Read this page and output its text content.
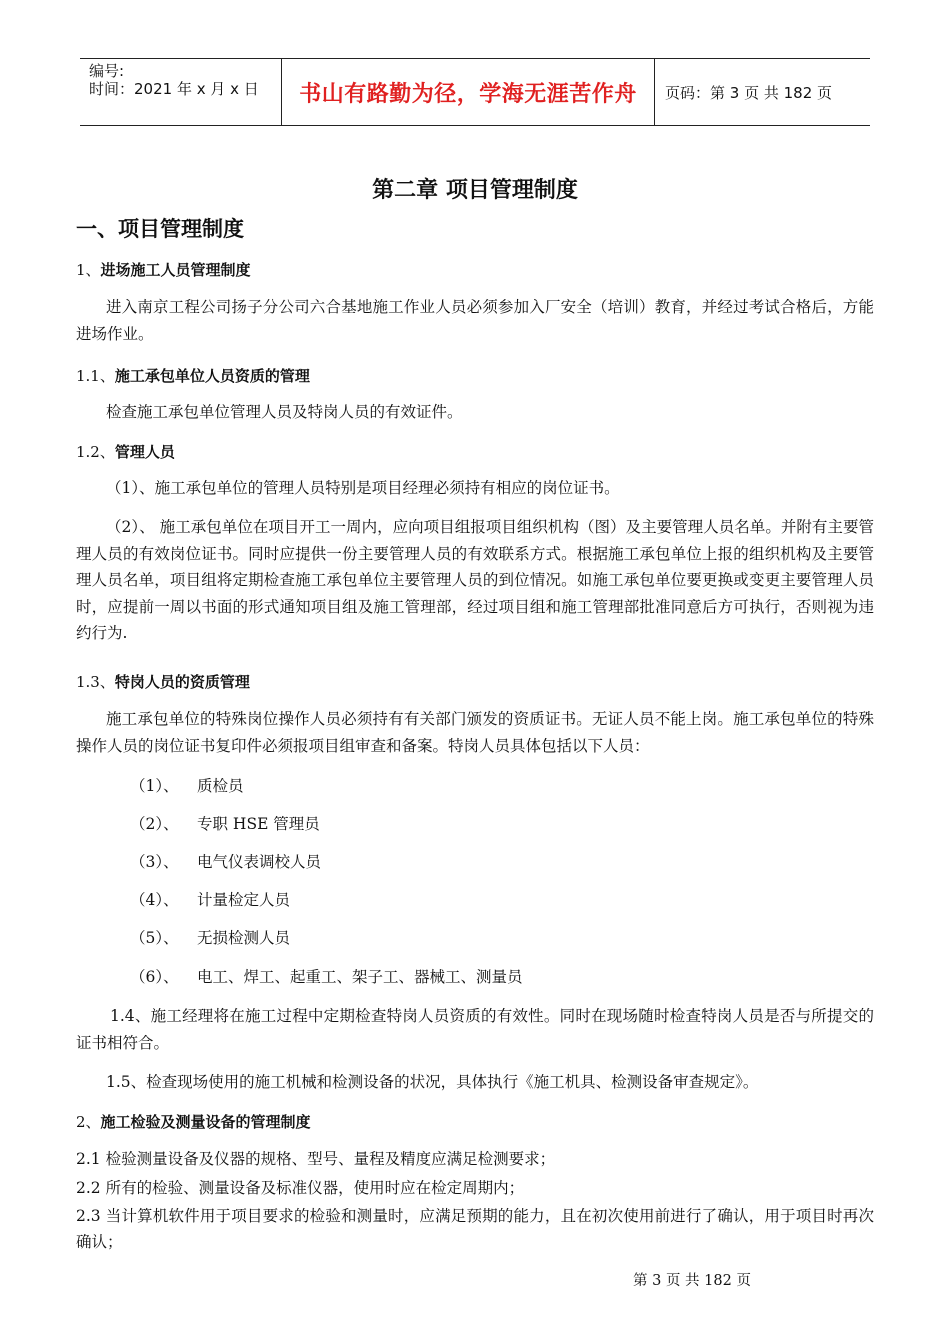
编号:
时间：2021 年 x 月 x 日 书山有路勤为径，学海无涯苦作舟 页码：第 3 页 共 182 页
第二章 项目管理制度
一、项目管理制度
1、进场施工人员管理制度

进入南京工程公司扬子分公司六合基地施工作业人员必须参加入厂安全（培训）教育，并经过考试合格后，方能进场作业。

1.1、施工承包单位人员资质的管理
检查施工承包单位管理人员及特岗人员的有效证件。
1.2、管理人员
（1）、施工承包单位的管理人员特别是项目经理必须持有相应的岗位证书。

（2）、 施工承包单位在项目开工一周内，应向项目组报项目组织机构（图）及主要管理人员名单。并附有主要管理人员的有效岗位证书。同时应提供一份主要管理人员的有效联系方式。根据施工承包单位上报的组织机构及主要管理人员名单，项目组将定期检查施工承包单位主要管理人员的到位情况。如施工承包单位要更换或变更主要管理人员时，应提前一周以书面的形式通知项目组及施工管理部，经过项目组和施工管理部批准同意后方可执行，否则视为违约行为.

1.3、特岗人员的资质管理

施工承包单位的特殊岗位操作人员必须持有有关部门颁发的资质证书。无证人员不能上岗。施工承包单位的特殊操作人员的岗位证书复印件必须报项目组审查和备案。特岗人员具体包括以下人员：

（1）、 质检员
（2）、 专职 HSE 管理员
（3）、 电气仪表调校人员
（4）、 计量检定人员
（5）、 无损检测人员
（6）、 电工、焊工、起重工、架子工、器械工、测量员

1.4、施工经理将在施工过程中定期检查特岗人员资质的有效性。同时在现场随时检查特岗人员是否与所提交的证书相符合。

1.5、检查现场使用的施工机械和检测设备的状况，具体执行《施工机具、检测设备审查规定》。
2、施工检验及测量设备的管理制度
2.1 检验测量设备及仪器的规格、型号、量程及精度应满足检测要求；
2.2 所有的检验、测量设备及标准仪器，使用时应在检定周期内；

2.3 当计算机软件用于项目要求的检验和测量时，应满足预期的能力，且在初次使用前进行了确认，用于项目时再次确认；

第 3 页 共 182 页
